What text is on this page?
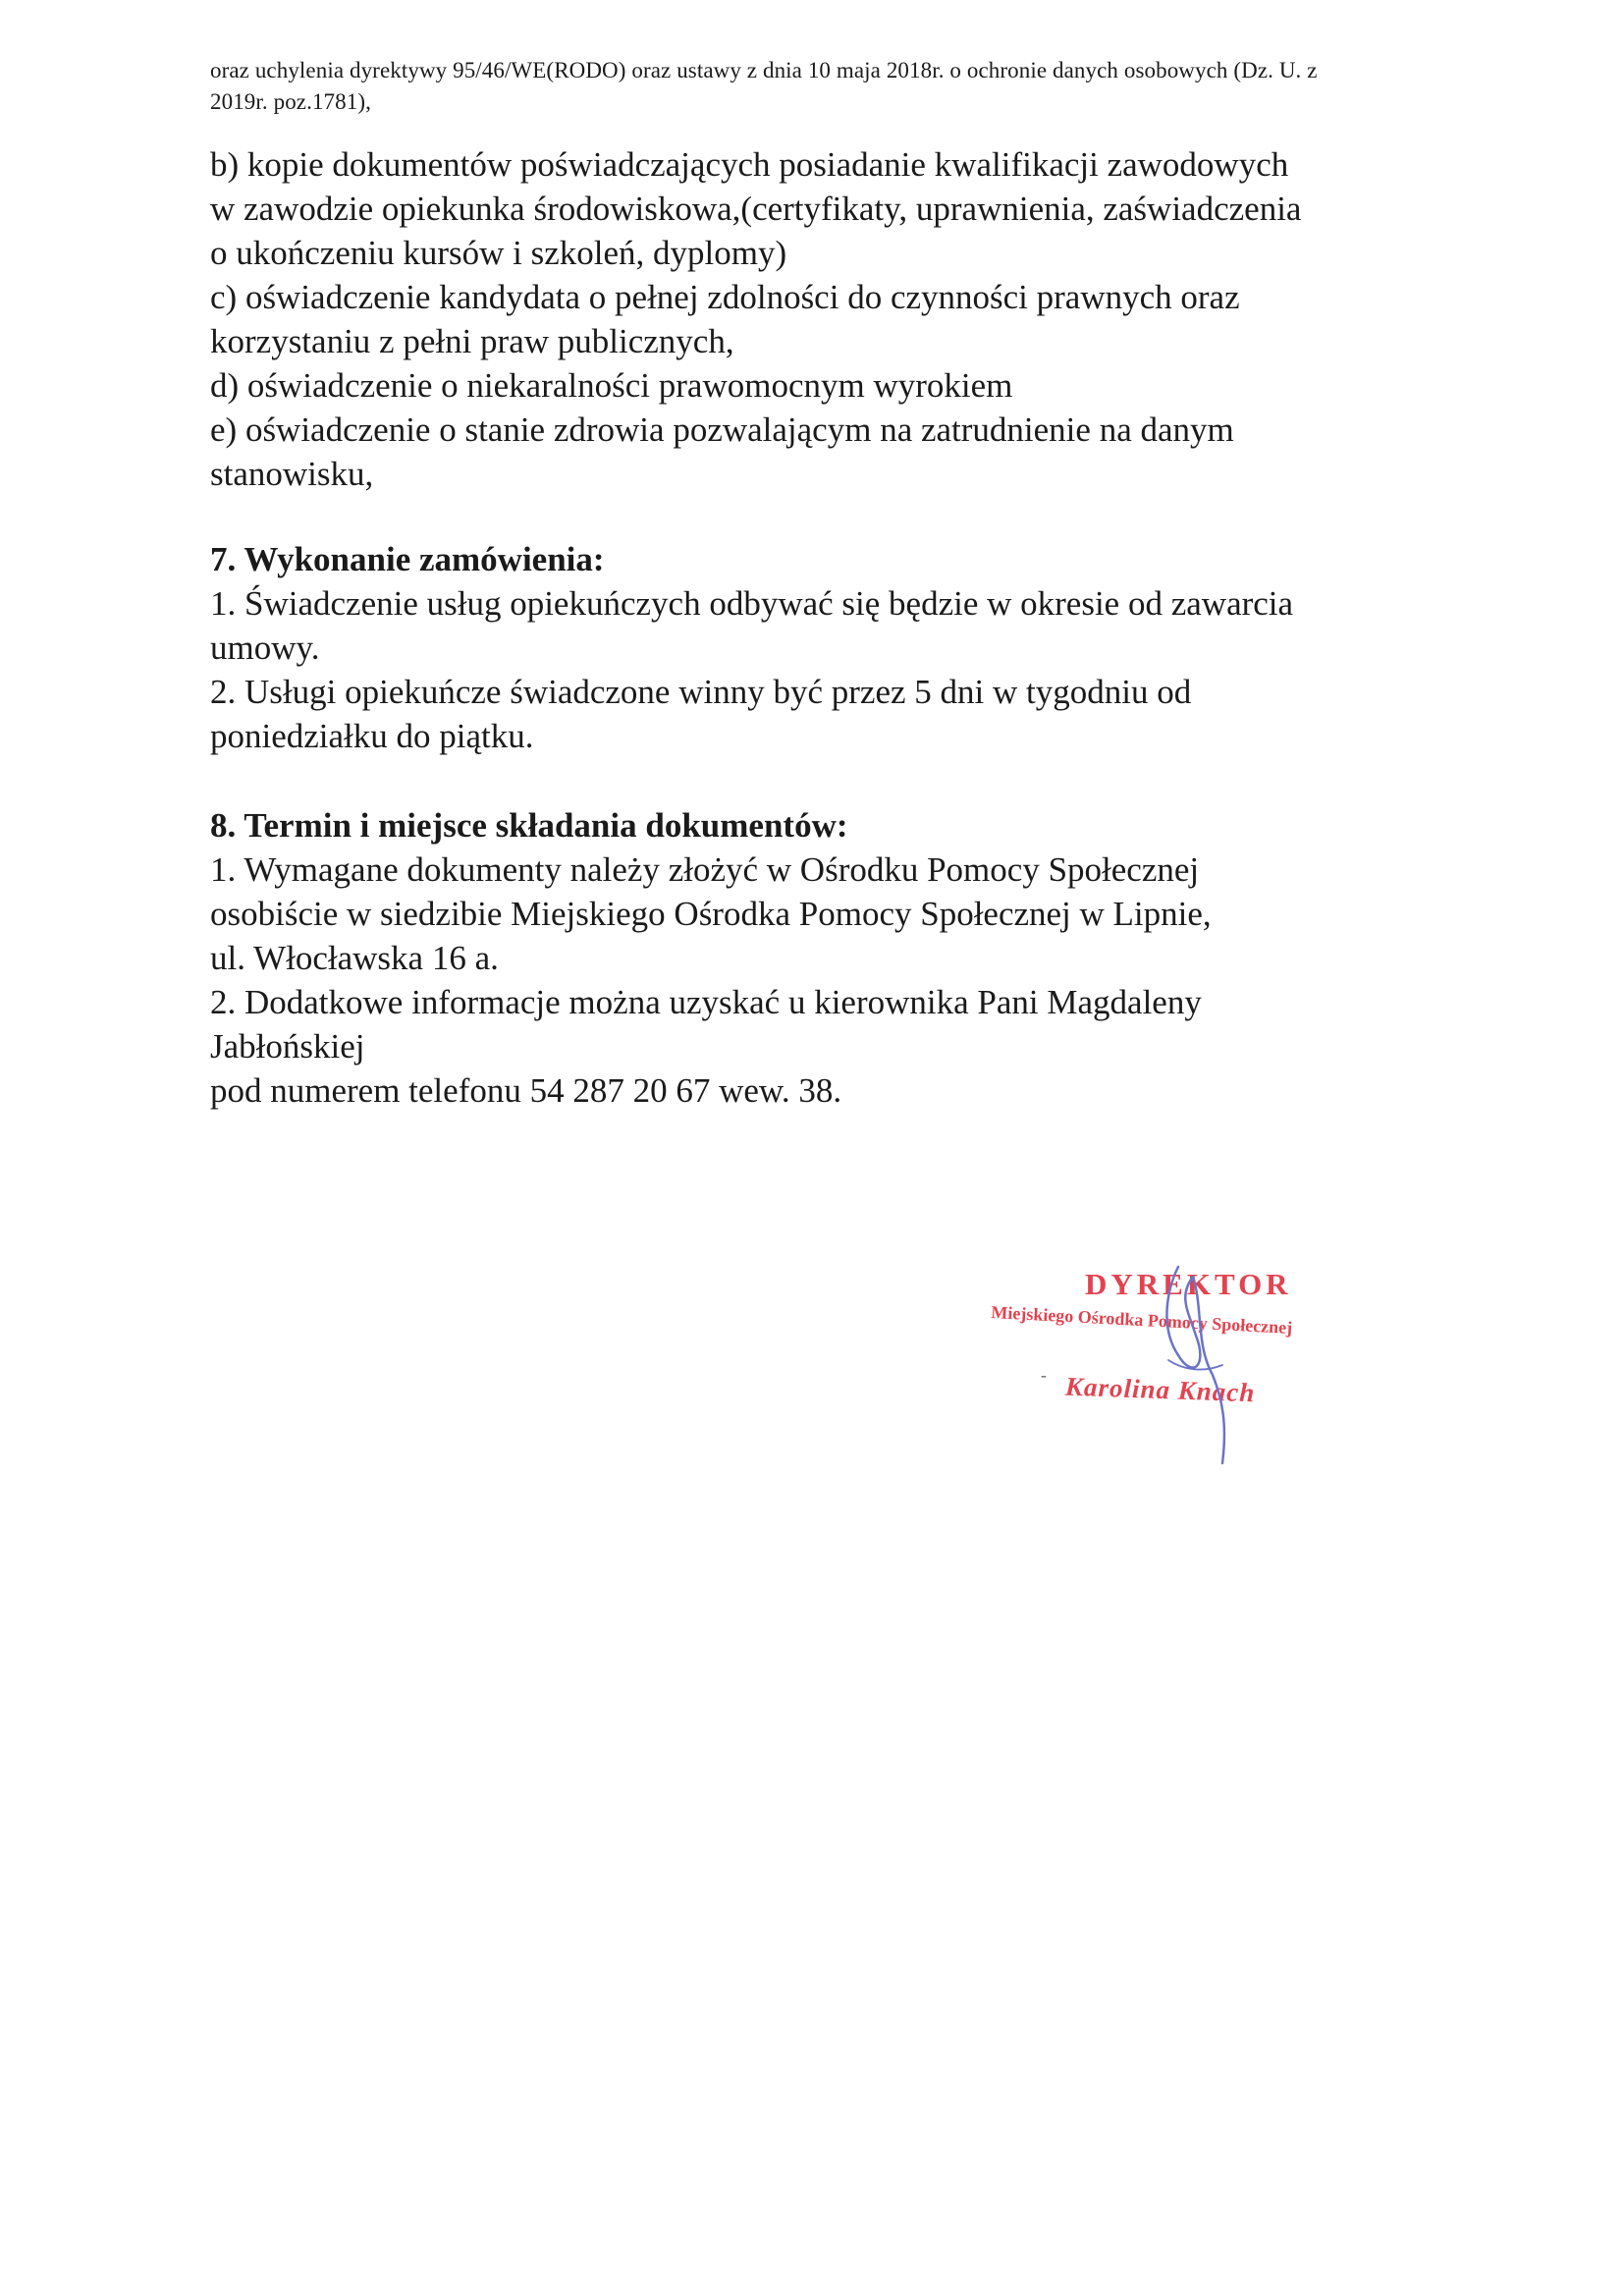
oraz uchylenia dyrektywy 95/46/WE(RODO) oraz ustawy z dnia 10 maja 2018r. o ochronie danych osobowych (Dz. U. z
2019r. poz.1781),
b) kopie dokumentów poświadczających posiadanie kwalifikacji zawodowych
w zawodzie opiekunka środowiskowa,(certyfikaty, uprawnienia, zaświadczenia
o ukończeniu kursów i szkoleń, dyplomy)
c) oświadczenie kandydata o pełnej zdolności do czynności prawnych oraz
korzystaniu z pełni praw publicznych,
d) oświadczenie o niekaralności prawomocnym wyrokiem
e) oświadczenie o stanie zdrowia pozwalającym na zatrudnienie na danym
stanowisku,
7. Wykonanie zamówienia:
1. Świadczenie usług opiekuńczych odbywać się będzie w okresie od zawarcia
umowy.
2. Usługi opiekuńcze świadczone winny być przez 5 dni w tygodniu od
poniedziałku do piątku.
8. Termin i miejsce składania dokumentów:
1. Wymagane dokumenty należy złożyć w Ośrodku Pomocy Społecznej
osobiście w siedzibie Miejskiego Ośrodka Pomocy Społecznej w Lipnie,
ul. Włocławska 16 a.
2. Dodatkowe informacje można uzyskać u kierownika Pani Magdaleny
Jabłońskiej
pod numerem telefonu 54 287 20 67 wew. 38.
DYREKTOR
Miejskiego Ośrodka Pomocy Społecznej
- Karolina Knach
